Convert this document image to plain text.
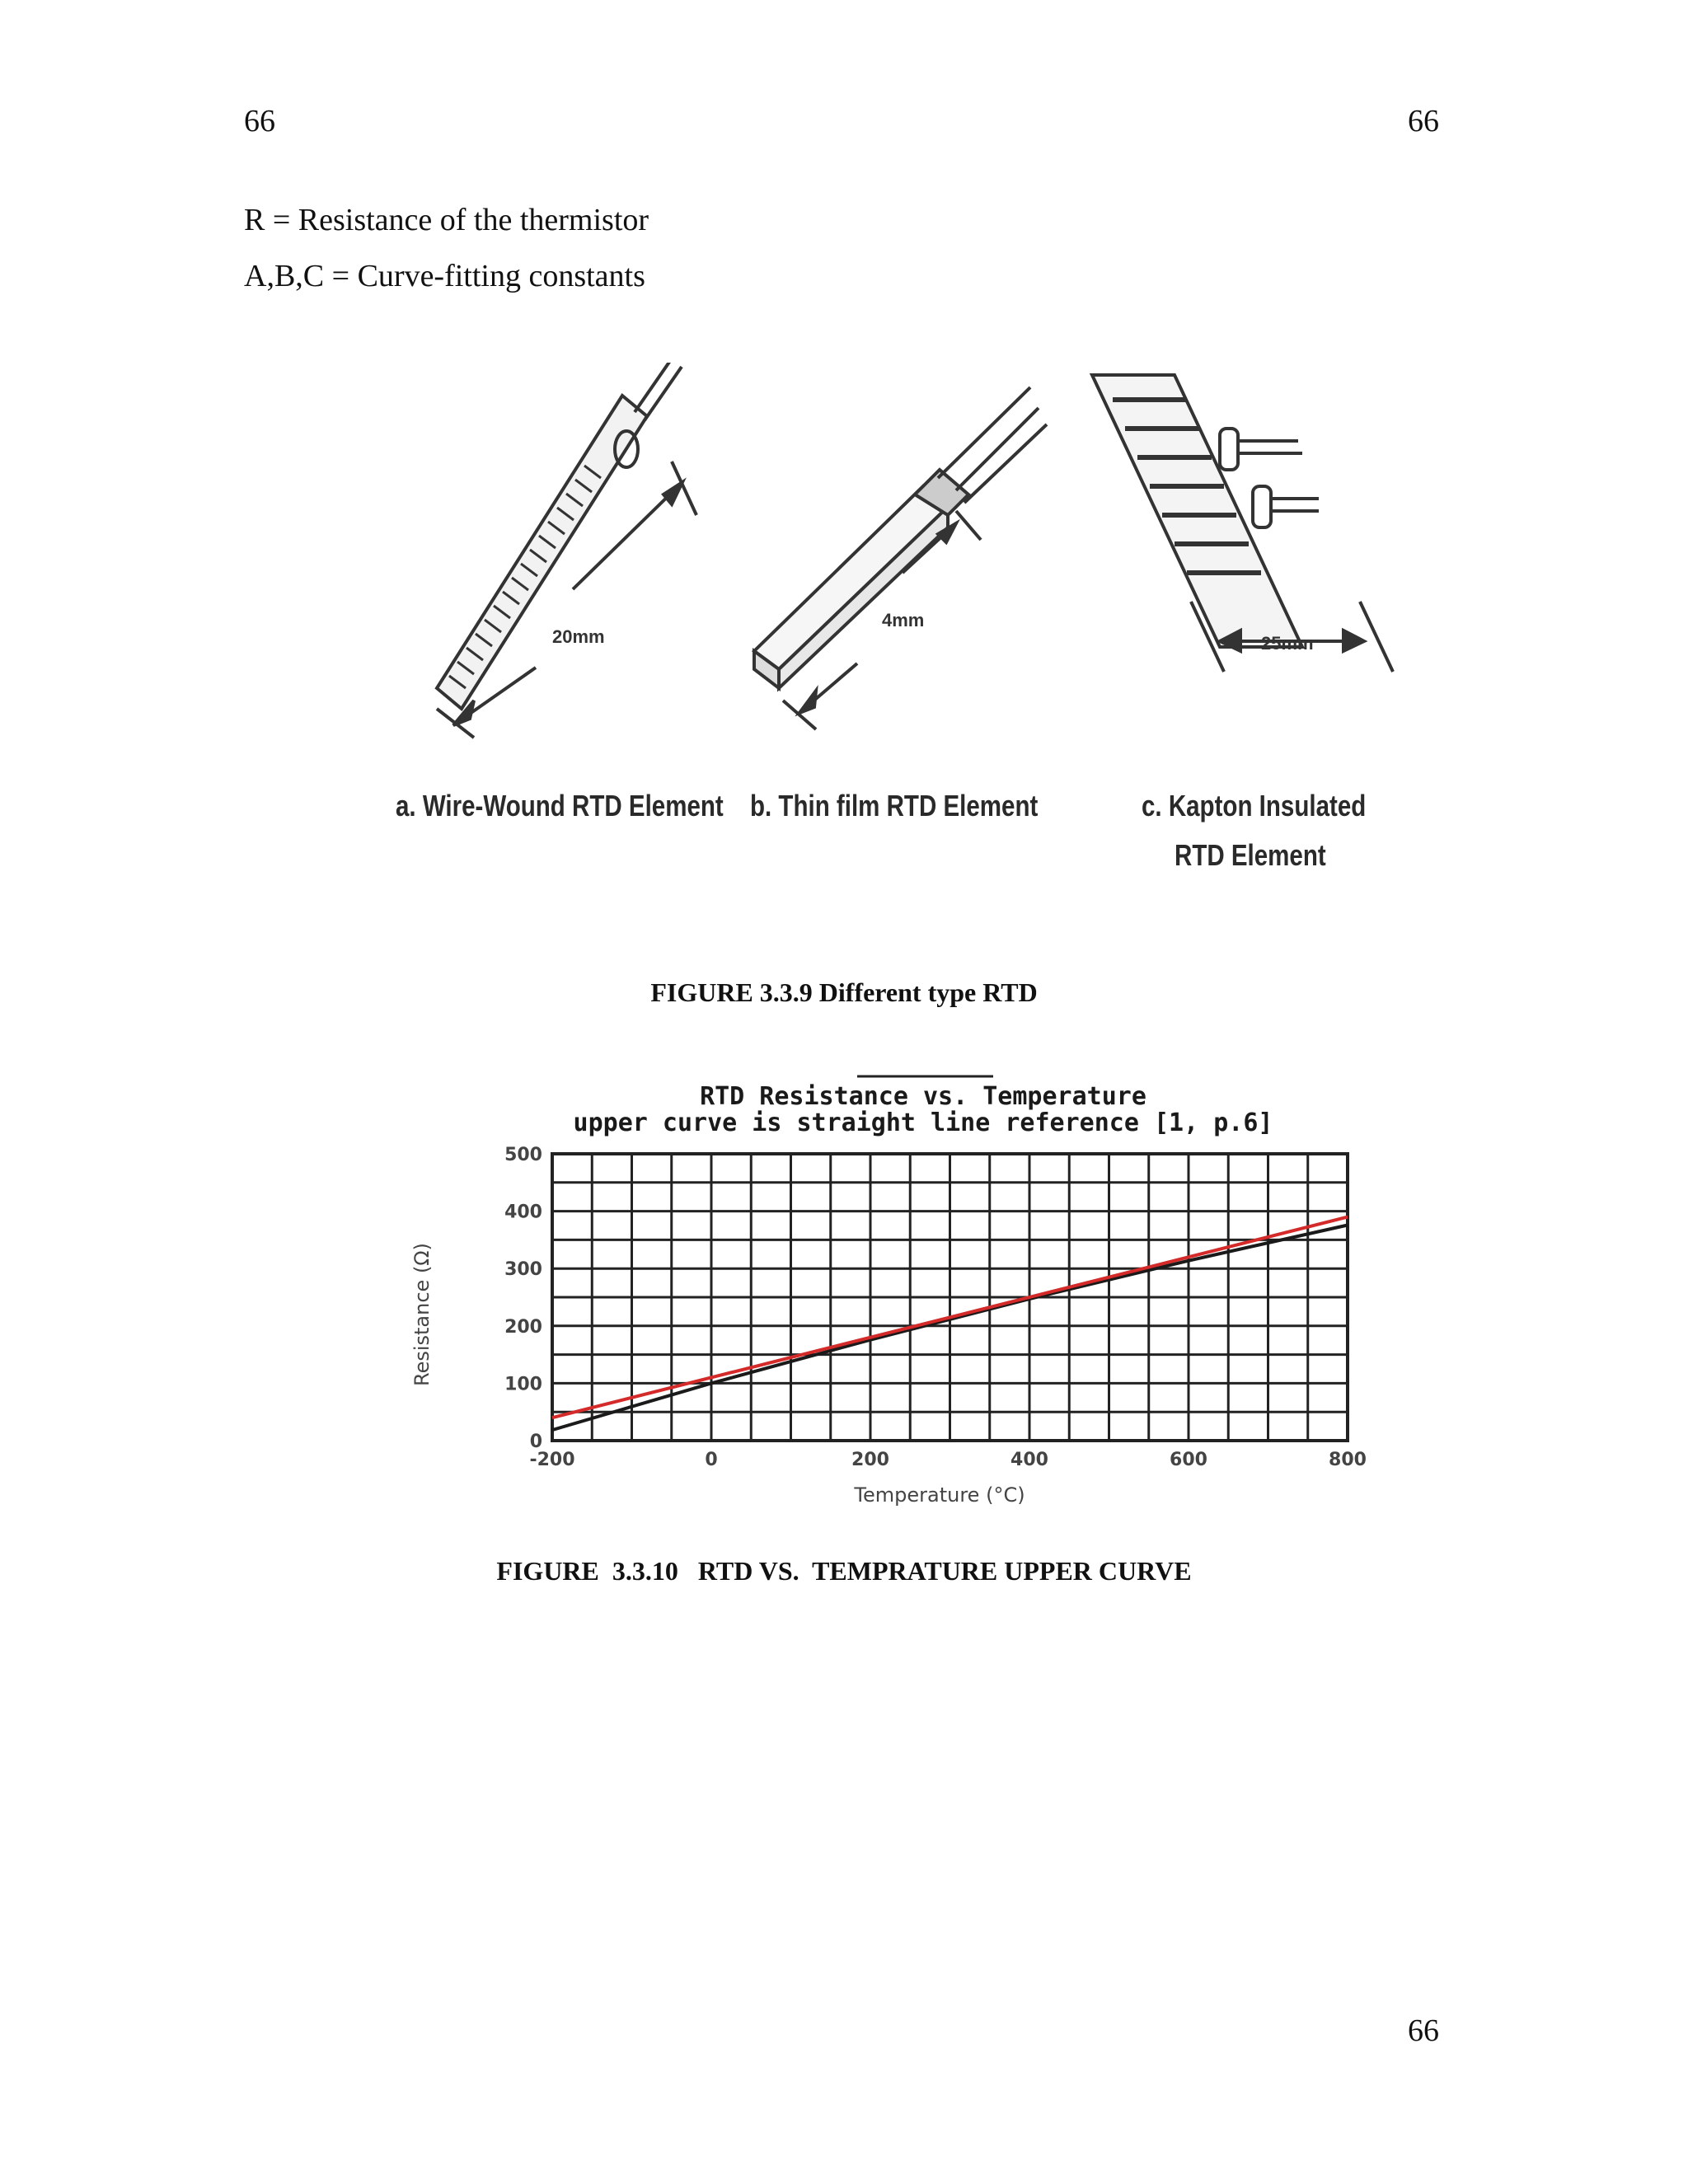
66	66
R = Resistance of the thermistor
A,B,C = Curve-fitting constants
20mm
4mm
25mm
a. Wire-Wound RTD Element b. Thin film RTD Element	c. Kapton Insulated
RTD Element
FIGURE 3.3.9 Different type RTD
RTD Resistance vs. Temperature
upper curve is straight line reference [1, p.6]
-200	0	200	400	600	800
0
100
200
300
400
500
Temperature (°C)
Resistance (Ω)
FIGURE  3.3.10   RTD VS.  TEMPRATURE UPPER CURVE
66
